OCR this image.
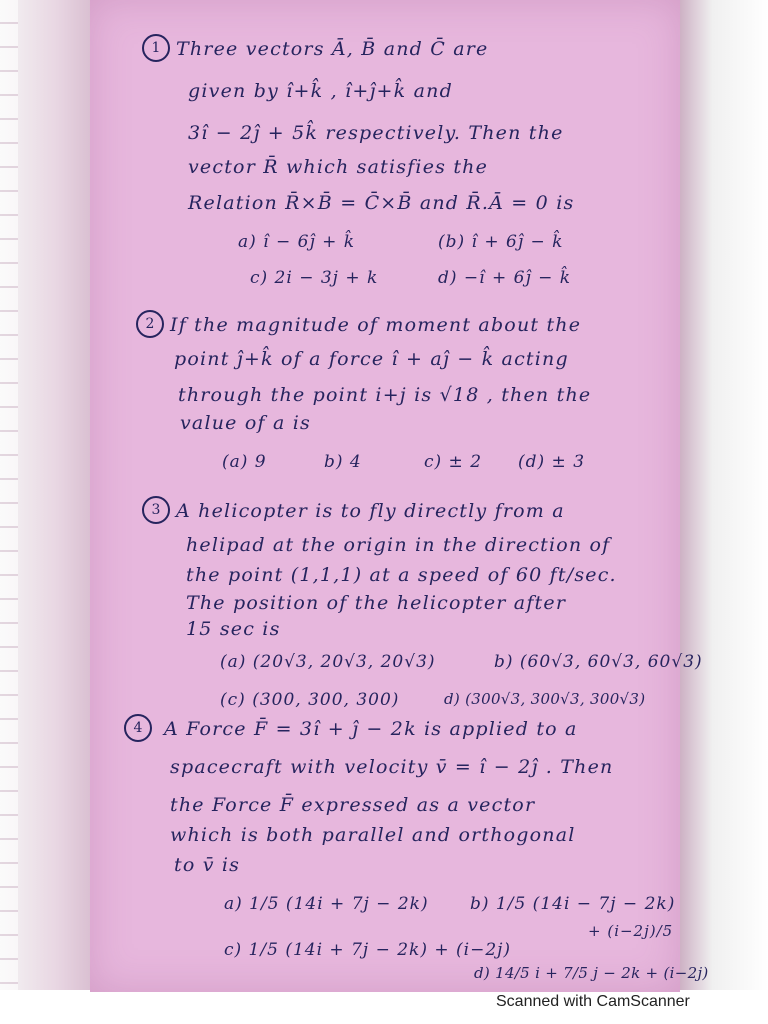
1 Three vectors Ā, B̄ and C̄ are
given by î+k̂ , î+ĵ+k̂ and
3î − 2ĵ + 5k̂ respectively. Then the
vector R̄ which satisfies the
Relation R̄×B̄ = C̄×B̄ and R̄.Ā = 0 is
a) î − 6ĵ + k̂	(b) î + 6ĵ − k̂
c) 2i − 3j + k	d) −î + 6ĵ − k̂
2 If the magnitude of moment about the
point ĵ+k̂ of a force î + aĵ − k̂ acting
through the point i+j is √18 , then the
value of a is
(a) 9	b) 4	c) ± 2 (d) ± 3
3 A helicopter is to fly directly from a
helipad at the origin in the direction of
the point (1,1,1) at a speed of 60 ft/sec.
The position of the helicopter after
15 sec is
(a) (20√3, 20√3, 20√3)	b) (60√3, 60√3, 60√3)
(c) (300, 300, 300)	d) (300√3, 300√3, 300√3)
4	A Force F̄ = 3î + ĵ − 2k is applied to a
spacecraft with velocity v̄ = î − 2ĵ . Then
the Force F̄ expressed as a vector
which is both parallel and orthogonal
to v̄ is
a) 1/5 (14i + 7j − 2k) b) 1/5 (14i − 7j − 2k)
+ (i−2j)/5
c) 1/5 (14i + 7j − 2k) + (i−2j)
d) 14/5 i + 7/5 j − 2k + (i−2j)
Scanned with CamScanner
